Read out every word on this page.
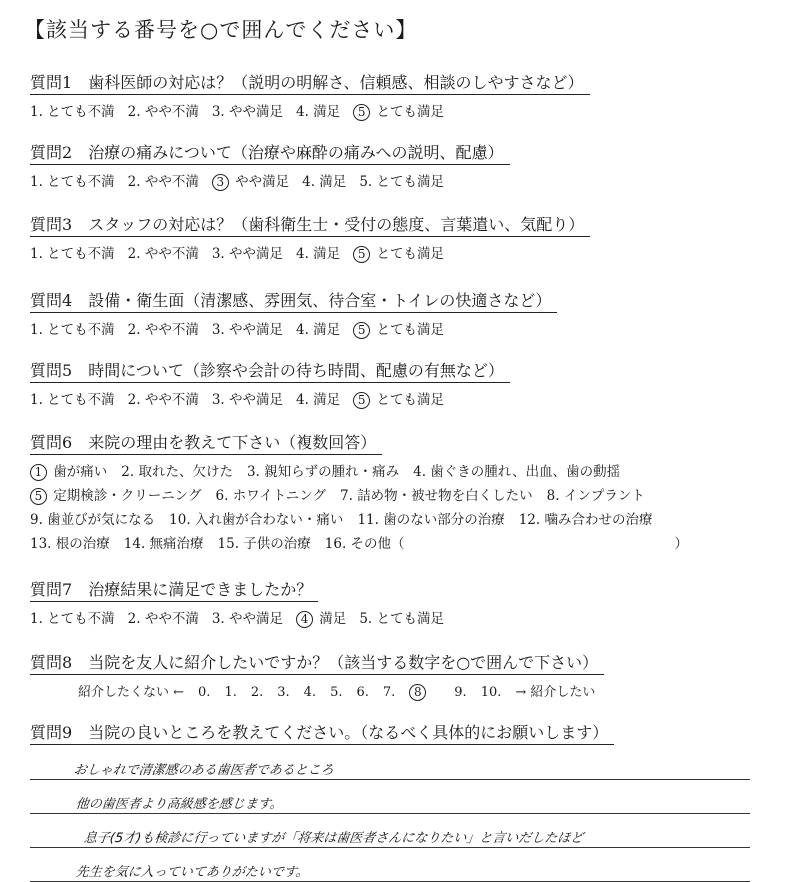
【該当する番号を○で囲んでください】
質問1 歯科医師の対応は？（説明の明解さ、信頼感、相談のしやすさなど）
1. とても不満 2. やや不満 3. やや満足 4. 満足 5 とても満足
質問2 治療の痛みについて（治療や麻酔の痛みへの説明、配慮）
1. とても不満 2. やや不満 3 やや満足 4. 満足 5. とても満足
質問3 スタッフの対応は？（歯科衛生士・受付の態度、言葉遣い、気配り）
1. とても不満 2. やや不満 3. やや満足 4. 満足 5 とても満足
質問4 設備・衛生面（清潔感、雰囲気、待合室・トイレの快適さなど）
1. とても不満 2. やや不満 3. やや満足 4. 満足 5 とても満足
質問5 時間について（診察や会計の待ち時間、配慮の有無など）
1. とても不満 2. やや不満 3. やや満足 4. 満足 5 とても満足
質問6 来院の理由を教えて下さい（複数回答）
1 歯が痛い 2. 取れた、欠けた 3. 親知らずの腫れ・痛み 4. 歯ぐきの腫れ、出血、歯の動揺
5 定期検診・クリーニング 6. ホワイトニング 7. 詰め物・被せ物を白くしたい 8. インプラント
9. 歯並びが気になる 10. 入れ歯が合わない・痛い 11. 歯のない部分の治療 12. 噛み合わせの治療
13. 根の治療 14. 無痛治療 15. 子供の治療 16. その他（　　　　　　　　　　　　　　　　　　　　）
質問7 治療結果に満足できましたか？
1. とても不満 2. やや不満 3. やや満足 4 満足 5. とても満足
質問8 当院を友人に紹介したいですか？（該当する数字を○で囲んで下さい）
紹介したくない ← 0. 1. 2. 3. 4. 5. 6. 7. 8	9. 10. → 紹介したい
質問9 当院の良いところを教えてください。（なるべく具体的にお願いします）
おしゃれで清潔感のある歯医者であるところ
他の歯医者より高級感を感じます。
息子(5才)も検診に行っていますが「将来は歯医者さんになりたい」と言いだしたほど
先生を気に入っていてありがたいです。
